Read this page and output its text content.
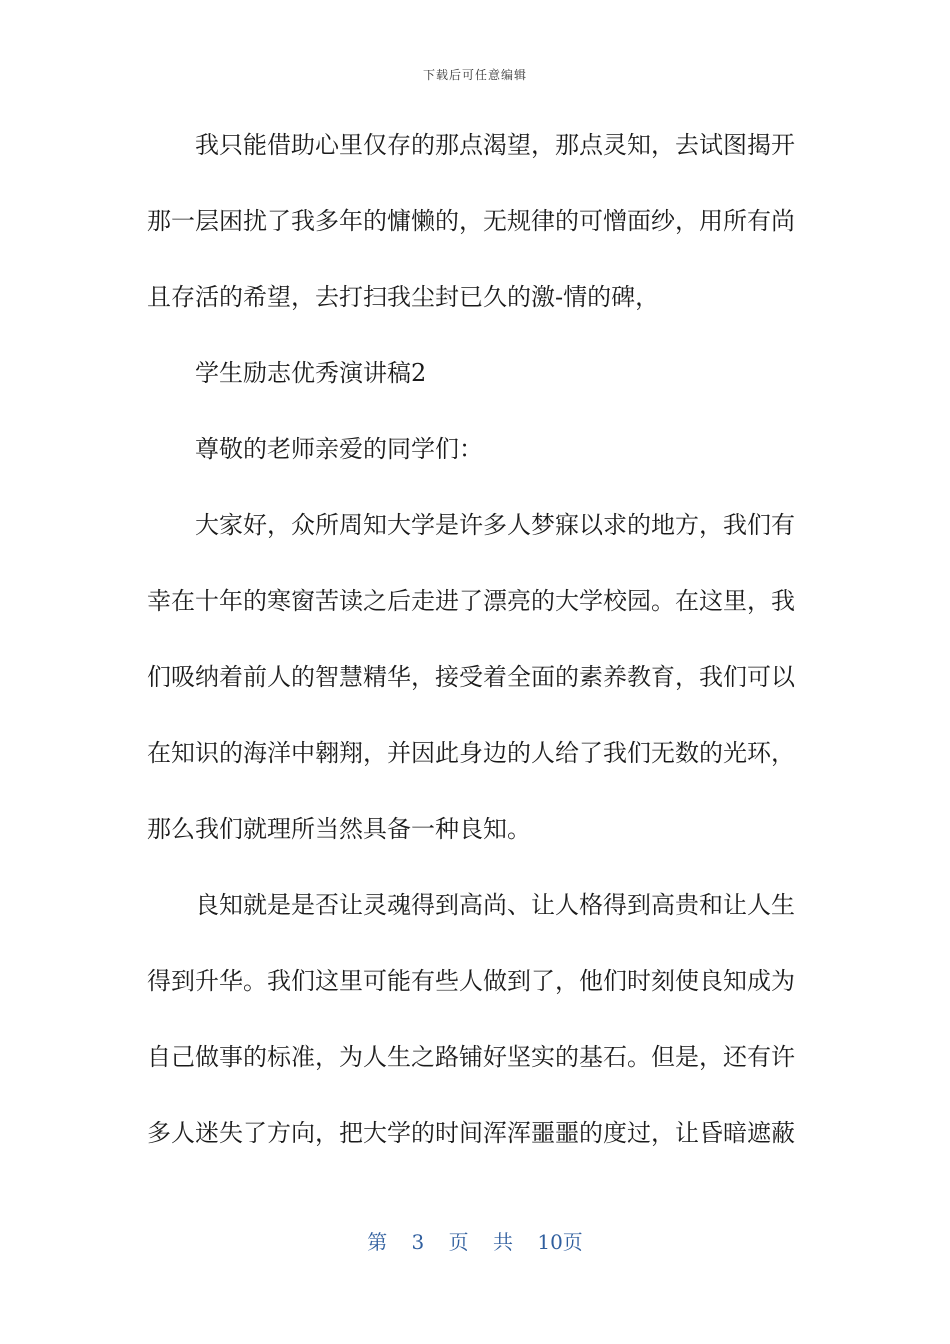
下载后可任意编辑
我只能借助心里仅存的那点渴望，那点灵知，去试图揭开
那一层困扰了我多年的慵懒的，无规律的可憎面纱，用所有尚
且存活的希望，去打扫我尘封已久的激-情的碑，
学生励志优秀演讲稿2
尊敬的老师亲爱的同学们：
大家好，众所周知大学是许多人梦寐以求的地方，我们有
幸在十年的寒窗苦读之后走进了漂亮的大学校园。在这里，我
们吸纳着前人的智慧精华，接受着全面的素养教育，我们可以
在知识的海洋中翱翔，并因此身边的人给了我们无数的光环，
那么我们就理所当然具备一种良知。
良知就是是否让灵魂得到高尚、让人格得到高贵和让人生
得到升华。我们这里可能有些人做到了，他们时刻使良知成为
自己做事的标准，为人生之路铺好坚实的基石。但是，还有许
多人迷失了方向，把大学的时间浑浑噩噩的度过，让昏暗遮蔽
第 3 页 共 10页
